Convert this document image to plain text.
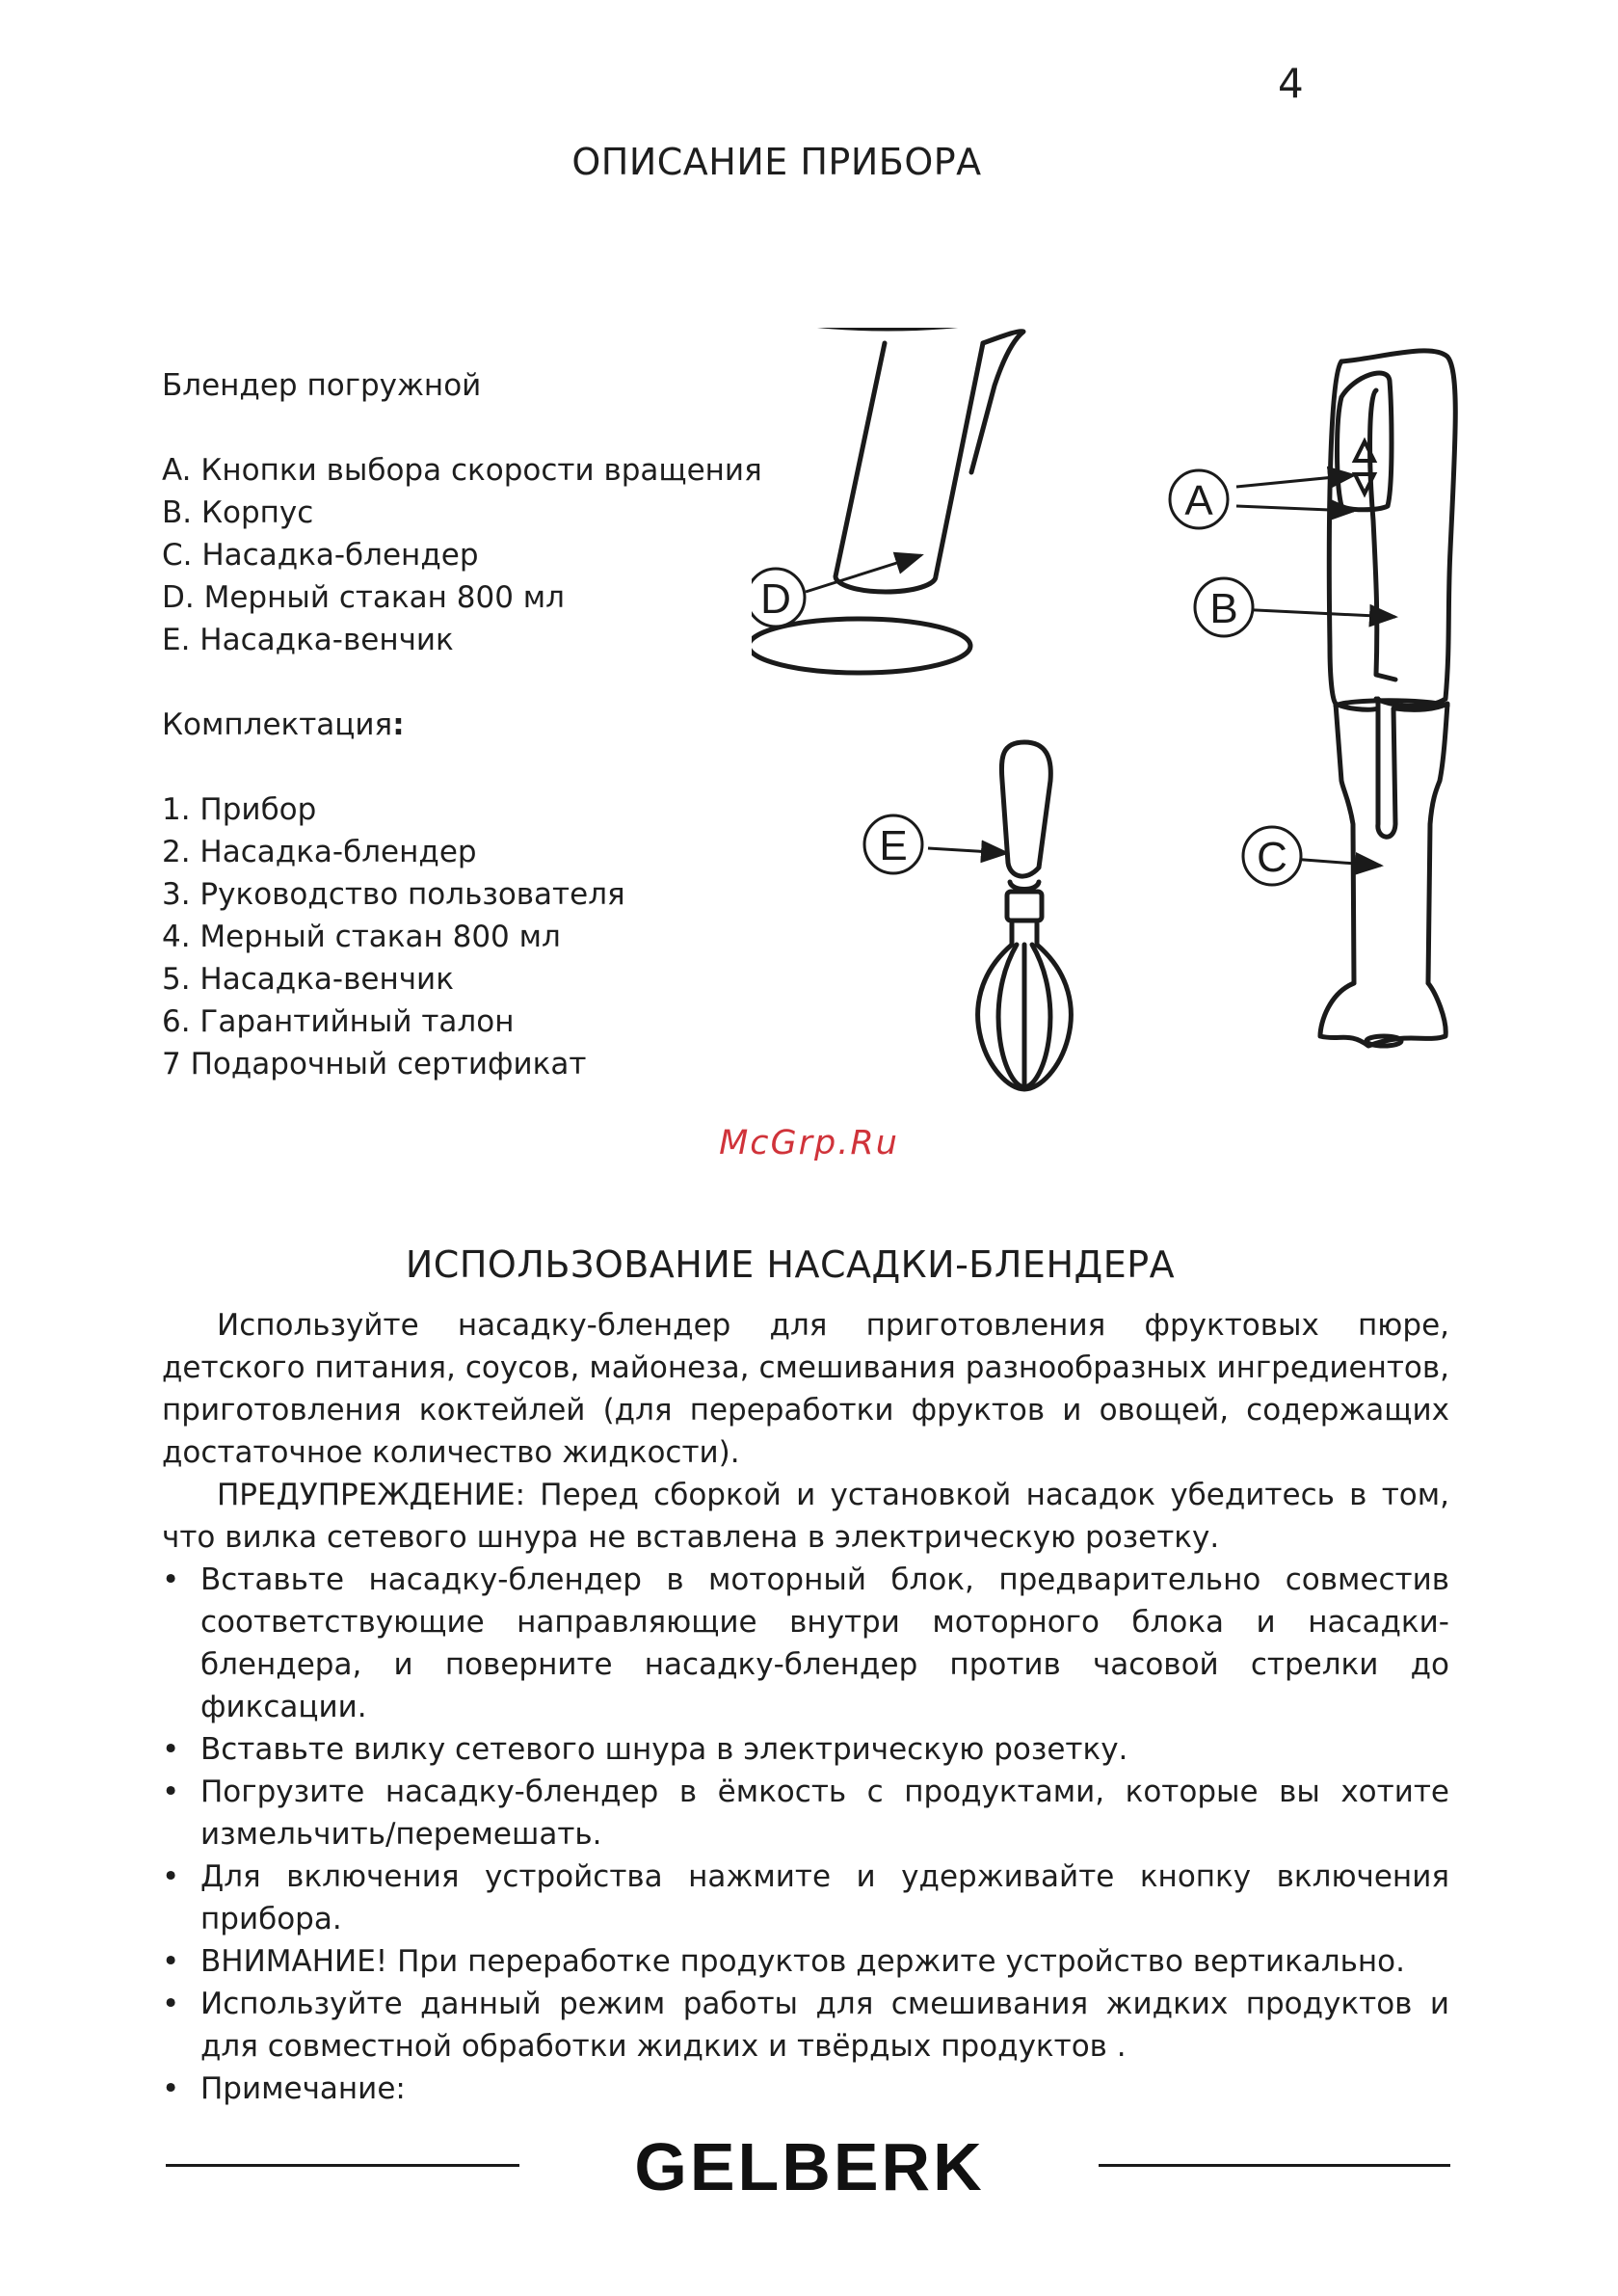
4
ОПИСАНИЕ ПРИБОРА
Блендер погружной
A. Кнопки выбора скорости вращения
B. Корпус
C. Насадка-блендер
D. Мерный стакан 800 мл
E. Насадка-венчик
Комплектация:
1. Прибор
2. Насадка-блендер
3. Руководство пользователя
4. Мерный стакан 800 мл
5. Насадка-венчик
6. Гарантийный талон
7 Подарочный сертификат
A
B
C
D
E
McGrp.Ru
ИСПОЛЬЗОВАНИЕ НАСАДКИ-БЛЕНДЕРА
Используйте насадку-блендер для приготовления фруктовых пюре, детского питания, соусов, майонеза, смешивания разнообразных ингредиентов, приготовления коктейлей (для переработки фруктов и овощей, содержащих достаточное количество жидкости).
ПРЕДУПРЕЖДЕНИЕ: Перед сборкой и установкой насадок убедитесь в том, что вилка сетевого шнура не вставлена в электрическую розетку.
• Вставьте насадку-блендер в моторный блок, предварительно совместив соответствующие направляющие внутри моторного блока и насадки-блендера, и поверните насадку-блендер против часовой стрелки до фиксации.
• Вставьте вилку сетевого шнура в электрическую розетку.
• Погрузите насадку-блендер в ёмкость с продуктами, которые вы хотите измельчить/перемешать.
• Для включения устройства нажмите и удерживайте кнопку включения прибора.
• ВНИМАНИЕ! При переработке продуктов держите устройство вертикально.
• Используйте данный режим работы для смешивания жидких продуктов и для совместной обработки жидких и твёрдых продуктов .
• Примечание:
GELBERK
